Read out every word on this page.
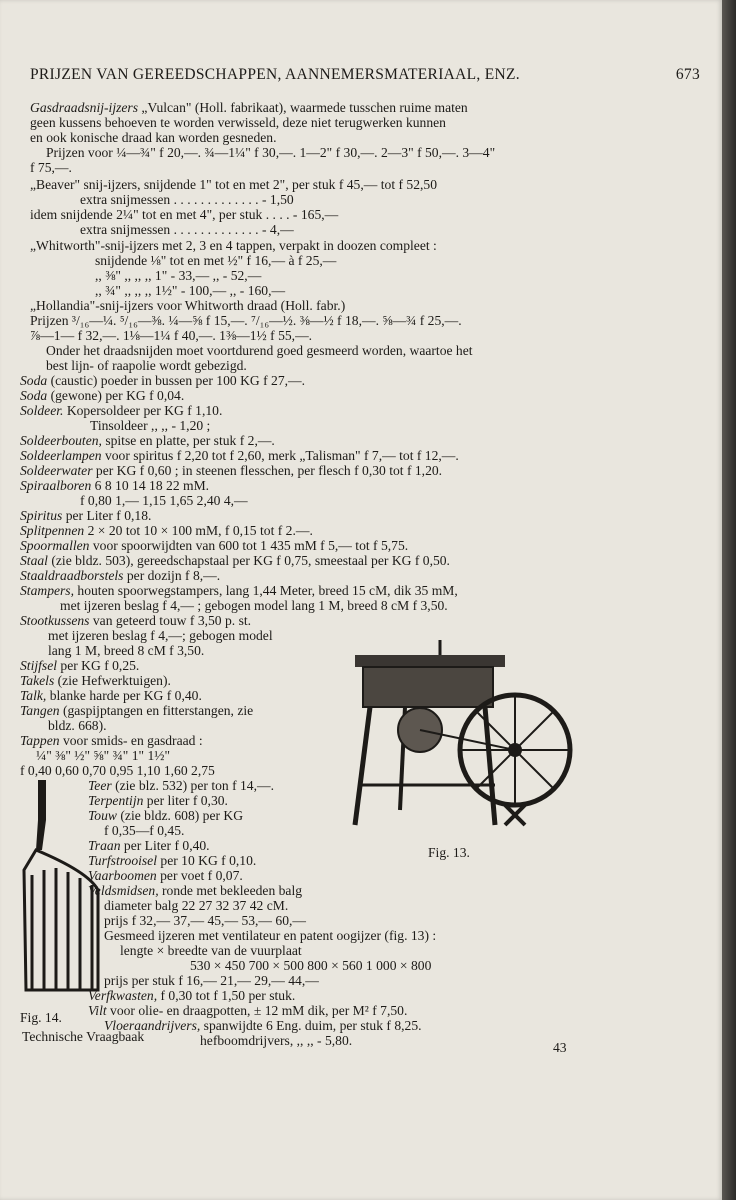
PRIJZEN VAN GEREEDSCHAPPEN, AANNEMERSMATERIAAL, ENZ.	673
Gasdraadsnij-ijzers „Vulcan" (Holl. fabrikaat), waarmede tusschen ruime maten
geen kussens behoeven te worden verwisseld, deze niet terugwerken kunnen
en ook konische draad kan worden gesneden.
Prijzen voor ¼—¾" f 20,—. ¾—1¼" f 30,—. 1—2" f 30,—. 2—3" f 50,—. 3—4"
f 75,—.
„Beaver" snij-ijzers, snijdende 1" tot en met 2", per stuk f 45,— tot f 52,50
extra snijmessen . . . . . . . . . . . . . - 1,50
idem snijdende 2¼" tot en met 4", per stuk . . . . - 165,—
extra snijmessen . . . . . . . . . . . . . - 4,—
„Whitworth"-snij-ijzers met 2, 3 en 4 tappen, verpakt in doozen compleet :
snijdende ⅛" tot en met ½" f 16,— à f 25,—
,, ⅜" ,, ,, ,, 1" - 33,— ,, - 52,—
,, ¾" ,, ,, ,, 1½" - 100,— ,, - 160,—
„Hollandia"-snij-ijzers voor Whitworth draad (Holl. fabr.)
Prijzen ³/₁₆—¼. ⁵/₁₆—⅜. ¼—⅝ f 15,—. ⁷/₁₆—½. ⅜—½ f 18,—. ⅝—¾ f 25,—.
⅞—1— f 32,—. 1⅛—1¼ f 40,—. 1⅜—1½ f 55,—.
Onder het draadsnijden moet voortdurend goed gesmeerd worden, waartoe het
best lijn- of raapolie wordt gebezigd.
Soda (caustic) poeder in bussen per 100 KG f 27,—.
Soda (gewone) per KG f 0,04.
Soldeer. Kopersoldeer per KG f 1,10.
Tinsoldeer ,, ,, - 1,20 ;
Soldeerbouten, spitse en platte, per stuk f 2,—.
Soldeerlampen voor spiritus f 2,20 tot f 2,60, merk „Talisman" f 7,— tot f 12,—.
Soldeerwater per KG f 0,60 ; in steenen flesschen, per flesch f 0,30 tot f 1,20.
Spiraalboren 6 8 10 14 18 22 mM.
f 0,80 1,— 1,15 1,65 2,40 4,—
Spiritus per Liter f 0,18.
Splitpennen 2 × 20 tot 10 × 100 mM, f 0,15 tot f 2.—.
Spoormallen voor spoorwijdten van 600 tot 1 435 mM f 5,— tot f 5,75.
Staal (zie bldz. 503), gereedschapstaal per KG f 0,75, smeestaal per KG f 0,50.
Staaldraadborstels per dozijn f 8,—.
Stampers, houten spoorwegstampers, lang 1,44 Meter, breed 15 cM, dik 35 mM,
met ijzeren beslag f 4,— ; gebogen model lang 1 M, breed 8 cM f 3,50.
Stootkussens van geteerd touw f 3,50 p. st.
met ijzeren beslag f 4,—; gebogen model
lang 1 M, breed 8 cM f 3,50.
Stijfsel per KG f 0,25.
Takels (zie Hefwerktuigen).
Talk, blanke harde per KG f 0,40.
Tangen (gaspijptangen en fitterstangen, zie
bldz. 668).
Tappen voor smids- en gasdraad :
¼" ⅜" ½" ⅝" ¾" 1" 1½"
f 0,40 0,60 0,70 0,95 1,10 1,60 2,75
Teer (zie blz. 532) per ton f 14,—.
Terpentijn per liter f 0,30.
Touw (zie bldz. 608) per KG
f 0,35—f 0,45.
Traan per Liter f 0,40.
Turfstrooisel per 10 KG f 0,10.
Vaarboomen per voet f 0,07.
Veldsmidsen, ronde met bekleeden balg
diameter balg 22 27 32 37 42 cM.
prijs f 32,— 37,— 45,— 53,— 60,—
Gesmeed ijzeren met ventilateur en patent oogijzer (fig. 13) :
lengte × breedte van de vuurplaat
530 × 450 700 × 500 800 × 560 1 000 × 800
prijs per stuk f 16,— 21,— 29,— 44,—
Verfkwasten, f 0,30 tot f 1,50 per stuk.
Vilt voor olie- en draagpotten, ± 12 mM dik, per M² f 7,50.
Vloeraandrijvers, spanwijdte 6 Eng. duim, per stuk f 8,25.
hefboomdrijvers, ,, ,, - 5,80.
Fig. 13.
Fig. 14.
Technische Vraagbaak
43
